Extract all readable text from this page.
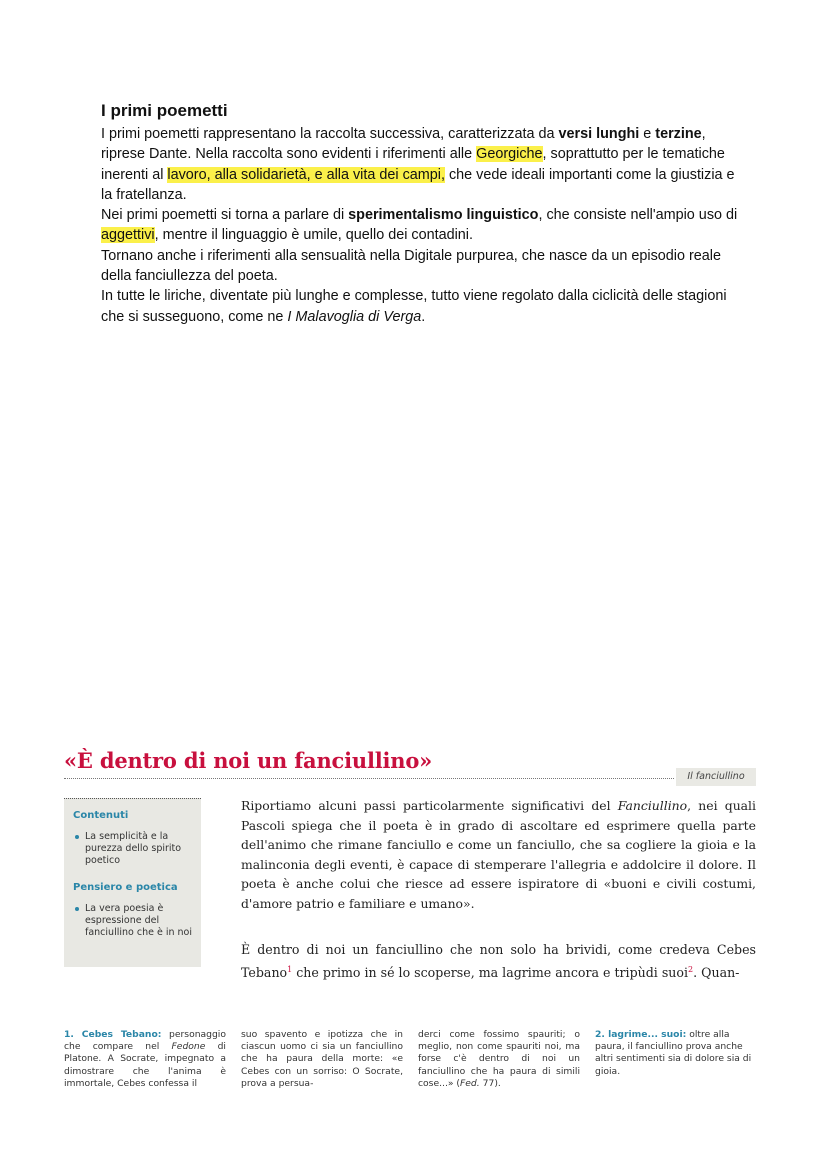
I primi poemetti

I primi poemetti rappresentano la raccolta successiva, caratterizzata da versi lunghi e terzine, riprese Dante. Nella raccolta sono evidenti i riferimenti alle Georgiche, soprattutto per le tematiche inerenti al lavoro, alla solidarietà, e alla vita dei campi, che vede ideali importanti come la giustizia e la fratellanza.

Nei primi poemetti si torna a parlare di sperimentalismo linguistico, che consiste nell'ampio uso di aggettivi, mentre il linguaggio è umile, quello dei contadini.

Tornano anche i riferimenti alla sensualità nella Digitale purpurea, che nasce da un episodio reale della fanciullezza del poeta.

In tutte le liriche, diventate più lunghe e complesse, tutto viene regolato dalla ciclicità delle stagioni che si susseguono, come ne I Malavoglia di Verga.

«È dentro di noi un fanciullino»
Il fanciullino

Contenuti

La semplicità e la purezza dello spirito poetico

Pensiero e poetica

La vera poesia è espressione del fanciullino che è in noi

Riportiamo alcuni passi particolarmente significativi del Fanciullino, nei quali Pascoli spiega che il poeta è in grado di ascoltare ed esprimere quella parte dell'animo che rimane fanciullo e come un fanciullo, che sa cogliere la gioia e la malinconia degli eventi, è capace di stemperare l'allegria e addolcire il dolore. Il poeta è anche colui che riesce ad essere ispiratore di «buoni e civili costumi, d'amore patrio e familiare e umano».

È dentro di noi un fanciullino che non solo ha brividi, come credeva Cebes Tebano$^1$ che primo in sé lo scoperse, ma lagrime ancora e tripùdi suoi$^2$. Quan-

1. Cebes Tebano: personaggio che compare nel Fedone di Platone. A Socrate, impegnato a dimostrare che l'anima è immortale, Cebes confessa il
suo spavento e ipotizza che in ciascun uomo ci sia un fanciullino che ha paura della morte: «e Cebes con un sorriso: O Socrate, prova a persua-
derci come fossimo spauriti; o meglio, non come spauriti noi, ma forse c'è dentro di noi un fanciullino che ha paura di simili cose...» (Fed. 77).
2. lagrime... suoi: oltre alla paura, il fanciullino prova anche altri sentimenti sia di dolore sia di gioia.
